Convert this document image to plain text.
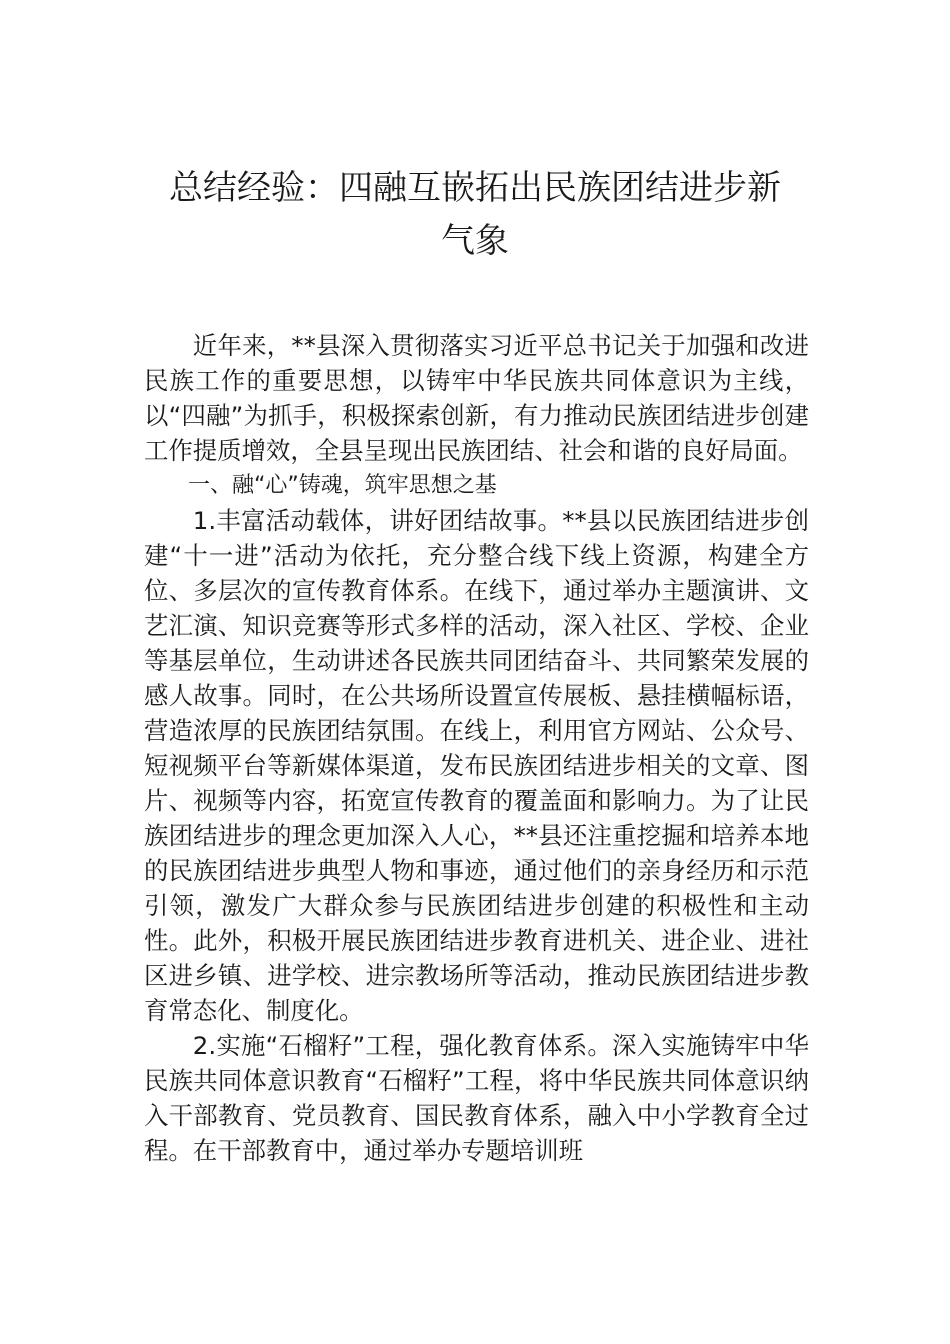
总结经验：四融互嵌拓出民族团结进步新
气象

近年来，**县深入贯彻落实习近平总书记关于加强和改进民族工作的重要思想，以铸牢中华民族共同体意识为主线，以“四融”为抓手，积极探索创新，有力推动民族团结进步创建工作提质增效，全县呈现出民族团结、社会和谐的良好局面。

一、融“心”铸魂，筑牢思想之基

1.丰富活动载体，讲好团结故事。**县以民族团结进步创建“十一进”活动为依托，充分整合线下线上资源，构建全方位、多层次的宣传教育体系。在线下，通过举办主题演讲、文艺汇演、知识竞赛等形式多样的活动，深入社区、学校、企业等基层单位，生动讲述各民族共同团结奋斗、共同繁荣发展的感人故事。同时，在公共场所设置宣传展板、悬挂横幅标语，营造浓厚的民族团结氛围。在线上，利用官方网站、公众号、短视频平台等新媒体渠道，发布民族团结进步相关的文章、图片、视频等内容，拓宽宣传教育的覆盖面和影响力。为了让民族团结进步的理念更加深入人心，**县还注重挖掘和培养本地的民族团结进步典型人物和事迹，通过他们的亲身经历和示范引领，激发广大群众参与民族团结进步创建的积极性和主动性。此外，积极开展民族团结进步教育进机关、进企业、进社区进乡镇、进学校、进宗教场所等活动，推动民族团结进步教育常态化、制度化。

2.实施“石榴籽”工程，强化教育体系。深入实施铸牢中华民族共同体意识教育“石榴籽”工程，将中华民族共同体意识纳入干部教育、党员教育、国民教育体系，融入中小学教育全过程。在干部教育中，通过举办专题培训班
